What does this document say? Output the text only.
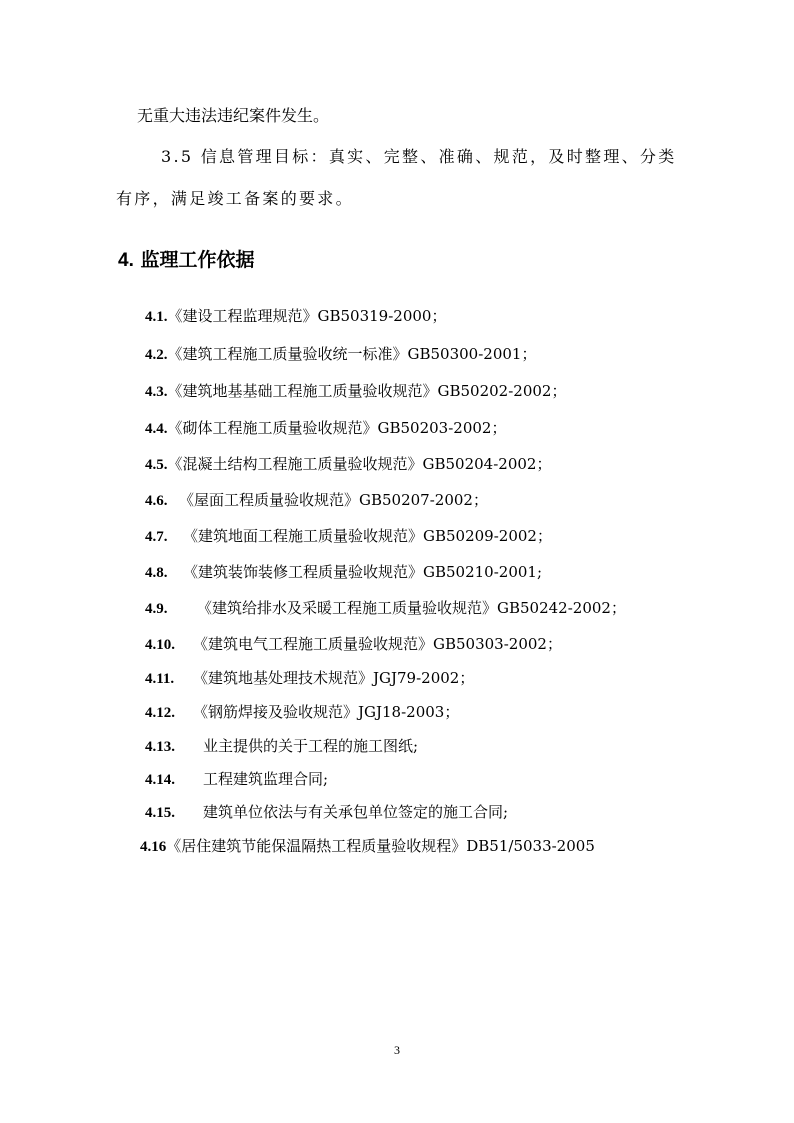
无重大违法违纪案件发生。
3.5 信息管理目标：真实、完整、准确、规范，及时整理、分类
有序，满足竣工备案的要求。
4. 监理工作依据
4.1.《建设工程监理规范》GB50319-2000；
4.2.《建筑工程施工质量验收统一标准》GB50300-2001；
4.3.《建筑地基基础工程施工质量验收规范》GB50202-2002；
4.4.《砌体工程施工质量验收规范》GB50203-2002；
4.5.《混凝土结构工程施工质量验收规范》GB50204-2002；
4.6. 《屋面工程质量验收规范》GB50207-2002；
4.7. 《建筑地面工程施工质量验收规范》GB50209-2002；
4.8. 《建筑装饰装修工程质量验收规范》GB50210-2001;
4.9. 《建筑给排水及采暖工程施工质量验收规范》GB50242-2002；
4.10. 《建筑电气工程施工质量验收规范》GB50303-2002；
4.11. 《建筑地基处理技术规范》JGJ79-2002；
4.12. 《钢筋焊接及验收规范》JGJ18-2003；
4.13. 业主提供的关于工程的施工图纸;
4.14. 工程建筑监理合同;
4.15. 建筑单位依法与有关承包单位签定的施工合同;
4.16《居住建筑节能保温隔热工程质量验收规程》DB51/5033-2005
3
